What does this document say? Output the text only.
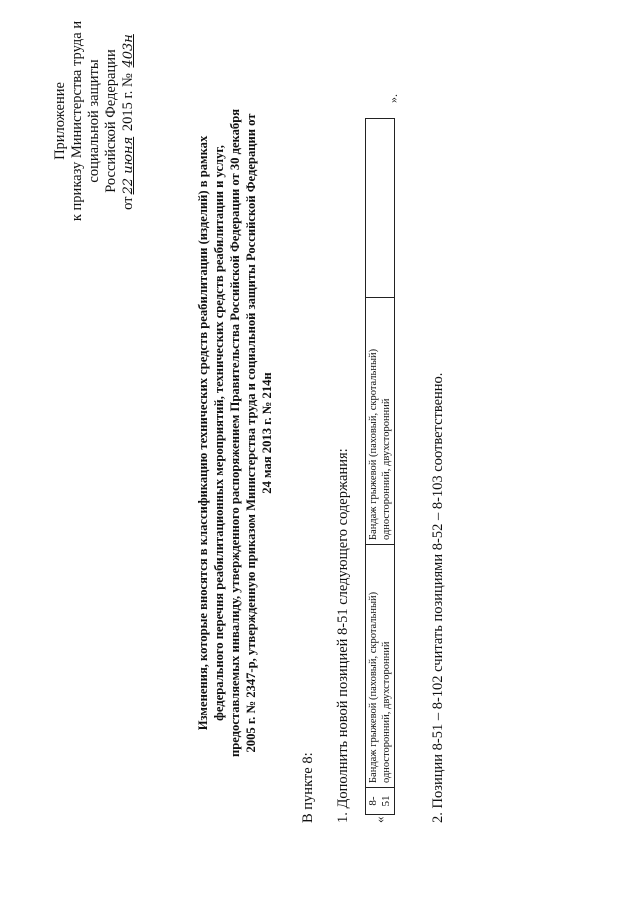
Приложение к приказу Министерства труда и социальной защиты Российской Федерации
от22 июня 2015 г. № 403н
Изменения, которые вносятся в классификацию технических средств реабилитации (изделий) в рамках федерального перечня реабилитационных мероприятий, технических средств реабилитации и услуг, предоставляемых инвалиду, утвержденного распоряжением Правительства Российской Федерации от 30 декабря 2005 г. № 2347-р, утвержденную приказом Министерства труда и социальной защиты Российской Федерации от 24 мая 2013 г. № 214н
В пункте 8: 1. Дополнить новой позицией 8-51 следующего содержания: «
8-51	Бандаж грыжевой (паховый, скротальный) односторонний, двухсторонний	Бандаж грыжевой (паховый, скротальный) односторонний, двухсторонний	
».
2. Позиции 8-51 – 8-102 считать позициями 8-52 – 8-103 соответственно.
